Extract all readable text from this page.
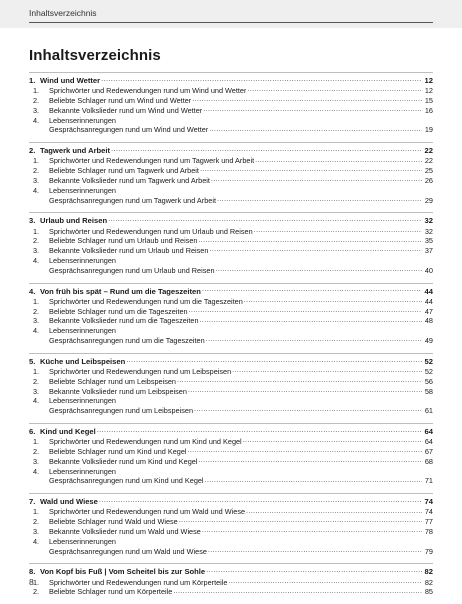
Inhaltsverzeichnis
Inhaltsverzeichnis
1. Wind und Wetter .....	12
1.	Sprichwörter und Redewendungen rund um Wind und Wetter .....	12
2.	Beliebte Schlager rund um Wind und Wetter .....	15
3.	Bekannte Volkslieder rund um Wind und Wetter .....	16
4.	Lebenserinnerungen
Gesprächsanregungen rund um Wind und Wetter .....	19
2. Tagwerk und Arbeit .....	22
1.	Sprichwörter und Redewendungen rund um Tagwerk und Arbeit .....	22
2.	Beliebte Schlager rund um Tagwerk und Arbeit .....	25
3.	Bekannte Volkslieder rund um Tagwerk und Arbeit .....	26
4.	Lebenserinnerungen
Gesprächsanregungen rund um Tagwerk und Arbeit .....	29
3. Urlaub und Reisen .....	32
1.	Sprichwörter und Redewendungen rund um Urlaub und Reisen .....	32
2.	Beliebte Schlager rund um Urlaub und Reisen .....	35
3.	Bekannte Volkslieder rund um Urlaub und Reisen .....	37
4.	Lebenserinnerungen
Gesprächsanregungen rund um Urlaub und Reisen .....	40
4. Von früh bis spät – Rund um die Tageszeiten .....	44
1.	Sprichwörter und Redewendungen rund um die Tageszeiten .....	44
2.	Beliebte Schlager rund um die Tageszeiten .....	47
3.	Bekannte Volkslieder rund um die Tageszeiten .....	48
4.	Lebenserinnerungen
Gesprächsanregungen rund um die Tageszeiten .....	49
5. Küche und Leibspeisen .....	52
1.	Sprichwörter und Redewendungen rund um Leibspeisen .....	52
2.	Beliebte Schlager rund um Leibspeisen .....	56
3.	Bekannte Volkslieder rund um Leibspeisen .....	58
4.	Lebenserinnerungen
Gesprächsanregungen rund um Leibspeisen .....	61
6. Kind und Kegel .....	64
1.	Sprichwörter und Redewendungen rund um Kind und Kegel .....	64
2.	Beliebte Schlager rund um Kind und Kegel .....	67
3.	Bekannte Volkslieder rund um Kind und Kegel .....	68
4.	Lebenserinnerungen
Gesprächsanregungen rund um Kind und Kegel .....	71
7. Wald und Wiese .....	74
1.	Sprichwörter und Redewendungen rund um Wald und Wiese .....	74
2.	Beliebte Schlager rund Wald und Wiese .....	77
3.	Bekannte Volkslieder rund um Wald und Wiese .....	78
4.	Lebenserinnerungen
Gesprächsanregungen rund um Wald und Wiese .....	79
8. Von Kopf bis Fuß | Vom Scheitel bis zur Sohle .....	82
1.	Sprichwörter und Redewendungen rund um Körperteile .....	82
2.	Beliebte Schlager rund um Körperteile .....	85
8
